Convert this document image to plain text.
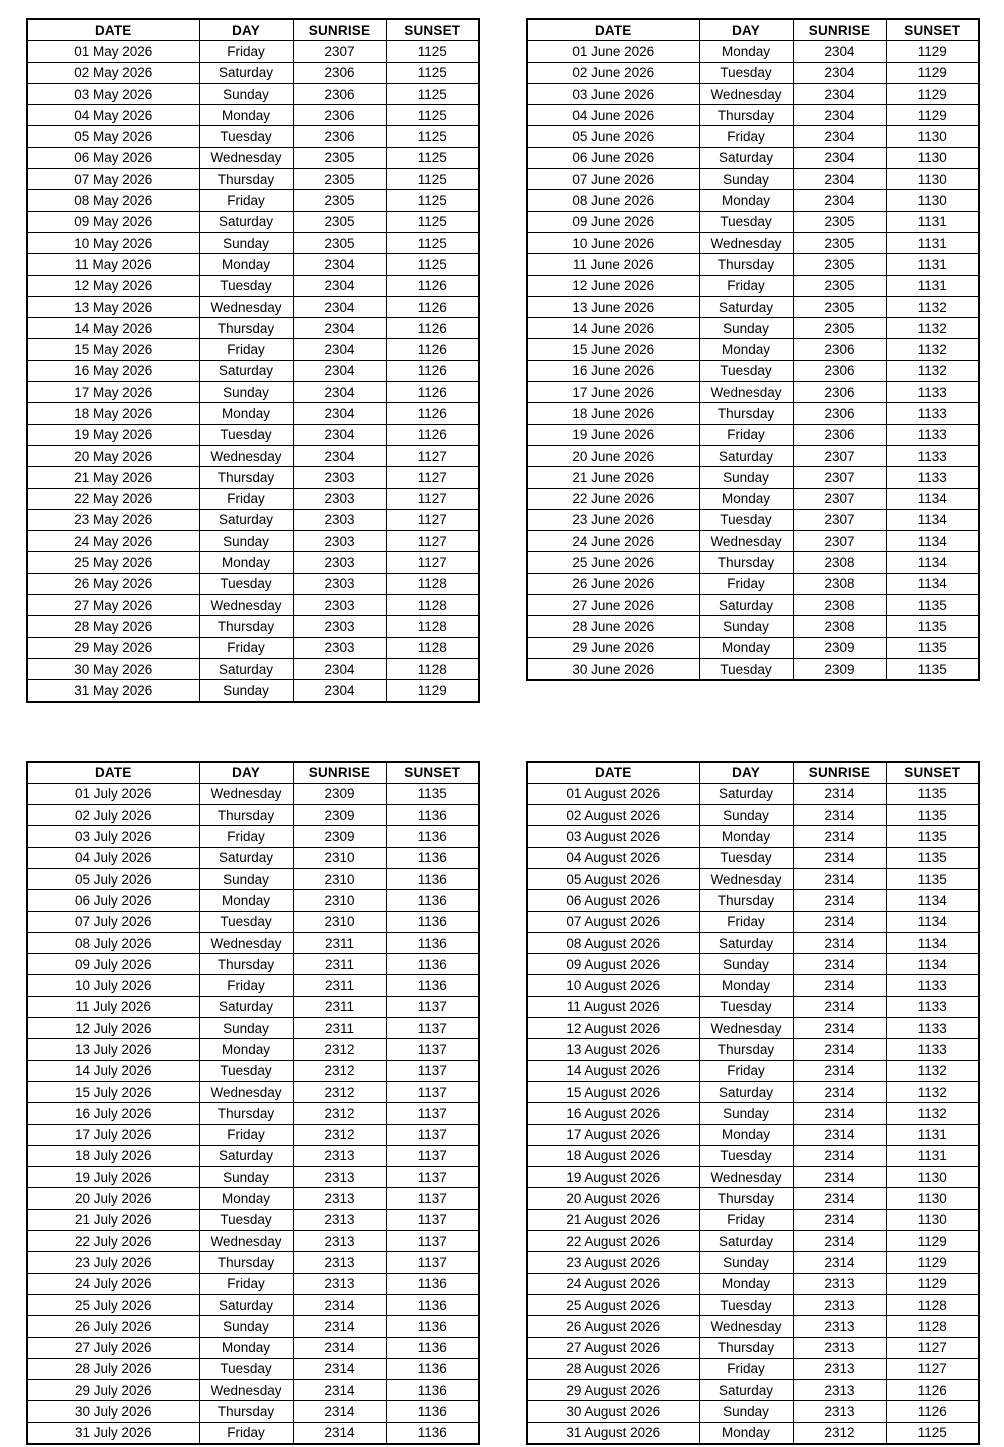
DATE	DAY	SUNRISE	SUNSET
01 May 2026	Friday	2307	1125
02 May 2026	Saturday	2306	1125
03 May 2026	Sunday	2306	1125
04 May 2026	Monday	2306	1125
05 May 2026	Tuesday	2306	1125
06 May 2026	Wednesday	2305	1125
07 May 2026	Thursday	2305	1125
08 May 2026	Friday	2305	1125
09 May 2026	Saturday	2305	1125
10 May 2026	Sunday	2305	1125
11 May 2026	Monday	2304	1125
12 May 2026	Tuesday	2304	1126
13 May 2026	Wednesday	2304	1126
14 May 2026	Thursday	2304	1126
15 May 2026	Friday	2304	1126
16 May 2026	Saturday	2304	1126
17 May 2026	Sunday	2304	1126
18 May 2026	Monday	2304	1126
19 May 2026	Tuesday	2304	1126
20 May 2026	Wednesday	2304	1127
21 May 2026	Thursday	2303	1127
22 May 2026	Friday	2303	1127
23 May 2026	Saturday	2303	1127
24 May 2026	Sunday	2303	1127
25 May 2026	Monday	2303	1127
26 May 2026	Tuesday	2303	1128
27 May 2026	Wednesday	2303	1128
28 May 2026	Thursday	2303	1128
29 May 2026	Friday	2303	1128
30 May 2026	Saturday	2304	1128
31 May 2026	Sunday	2304	1129
DATE	DAY	SUNRISE	SUNSET
01 June 2026	Monday	2304	1129
02 June 2026	Tuesday	2304	1129
03 June 2026	Wednesday	2304	1129
04 June 2026	Thursday	2304	1129
05 June 2026	Friday	2304	1130
06 June 2026	Saturday	2304	1130
07 June 2026	Sunday	2304	1130
08 June 2026	Monday	2304	1130
09 June 2026	Tuesday	2305	1131
10 June 2026	Wednesday	2305	1131
11 June 2026	Thursday	2305	1131
12 June 2026	Friday	2305	1131
13 June 2026	Saturday	2305	1132
14 June 2026	Sunday	2305	1132
15 June 2026	Monday	2306	1132
16 June 2026	Tuesday	2306	1132
17 June 2026	Wednesday	2306	1133
18 June 2026	Thursday	2306	1133
19 June 2026	Friday	2306	1133
20 June 2026	Saturday	2307	1133
21 June 2026	Sunday	2307	1133
22 June 2026	Monday	2307	1134
23 June 2026	Tuesday	2307	1134
24 June 2026	Wednesday	2307	1134
25 June 2026	Thursday	2308	1134
26 June 2026	Friday	2308	1134
27 June 2026	Saturday	2308	1135
28 June 2026	Sunday	2308	1135
29 June 2026	Monday	2309	1135
30 June 2026	Tuesday	2309	1135
DATE	DAY	SUNRISE	SUNSET
01 July 2026	Wednesday	2309	1135
02 July 2026	Thursday	2309	1136
03 July 2026	Friday	2309	1136
04 July 2026	Saturday	2310	1136
05 July 2026	Sunday	2310	1136
06 July 2026	Monday	2310	1136
07 July 2026	Tuesday	2310	1136
08 July 2026	Wednesday	2311	1136
09 July 2026	Thursday	2311	1136
10 July 2026	Friday	2311	1136
11 July 2026	Saturday	2311	1137
12 July 2026	Sunday	2311	1137
13 July 2026	Monday	2312	1137
14 July 2026	Tuesday	2312	1137
15 July 2026	Wednesday	2312	1137
16 July 2026	Thursday	2312	1137
17 July 2026	Friday	2312	1137
18 July 2026	Saturday	2313	1137
19 July 2026	Sunday	2313	1137
20 July 2026	Monday	2313	1137
21 July 2026	Tuesday	2313	1137
22 July 2026	Wednesday	2313	1137
23 July 2026	Thursday	2313	1137
24 July 2026	Friday	2313	1136
25 July 2026	Saturday	2314	1136
26 July 2026	Sunday	2314	1136
27 July 2026	Monday	2314	1136
28 July 2026	Tuesday	2314	1136
29 July 2026	Wednesday	2314	1136
30 July 2026	Thursday	2314	1136
31 July 2026	Friday	2314	1136
DATE	DAY	SUNRISE	SUNSET
01 August 2026	Saturday	2314	1135
02 August 2026	Sunday	2314	1135
03 August 2026	Monday	2314	1135
04 August 2026	Tuesday	2314	1135
05 August 2026	Wednesday	2314	1135
06 August 2026	Thursday	2314	1134
07 August 2026	Friday	2314	1134
08 August 2026	Saturday	2314	1134
09 August 2026	Sunday	2314	1134
10 August 2026	Monday	2314	1133
11 August 2026	Tuesday	2314	1133
12 August 2026	Wednesday	2314	1133
13 August 2026	Thursday	2314	1133
14 August 2026	Friday	2314	1132
15 August 2026	Saturday	2314	1132
16 August 2026	Sunday	2314	1132
17 August 2026	Monday	2314	1131
18 August 2026	Tuesday	2314	1131
19 August 2026	Wednesday	2314	1130
20 August 2026	Thursday	2314	1130
21 August 2026	Friday	2314	1130
22 August 2026	Saturday	2314	1129
23 August 2026	Sunday	2314	1129
24 August 2026	Monday	2313	1129
25 August 2026	Tuesday	2313	1128
26 August 2026	Wednesday	2313	1128
27 August 2026	Thursday	2313	1127
28 August 2026	Friday	2313	1127
29 August 2026	Saturday	2313	1126
30 August 2026	Sunday	2313	1126
31 August 2026	Monday	2312	1125
